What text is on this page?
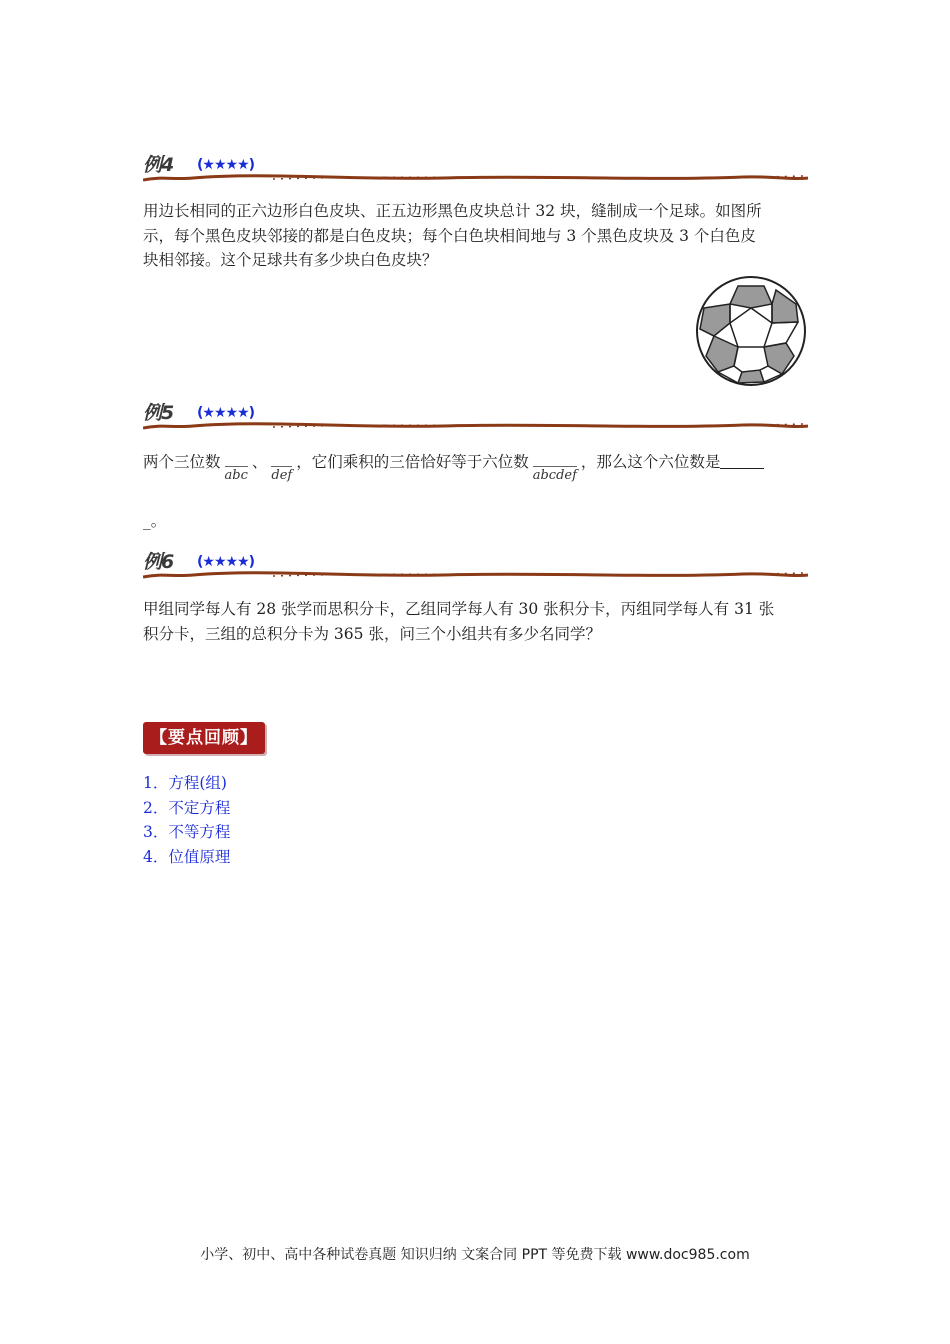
例4 (★★★★)
用边长相同的正六边形白色皮块、正五边形黑色皮块总计 32 块，缝制成一个足球。如图所
示，每个黑色皮块邻接的都是白色皮块；每个白色块相间地与 3 个黑色皮块及 3 个白色皮
块相邻接。这个足球共有多少块白色皮块？
例5 (★★★★)
两个三位数abc、def，它们乘积的三倍恰好等于六位数abcdef，那么这个六位数是
_。
例6 (★★★★)
甲组同学每人有 28 张学而思积分卡，乙组同学每人有 30 张积分卡，丙组同学每人有 31 张
积分卡，三组的总积分卡为 365 张，问三个小组共有多少名同学？
【要点回顾】
1．方程(组)
2．不定方程
3．不等方程
4．位值原理
小学、初中、高中各种试卷真题 知识归纳 文案合同 PPT 等免费下载 www.doc985.com
